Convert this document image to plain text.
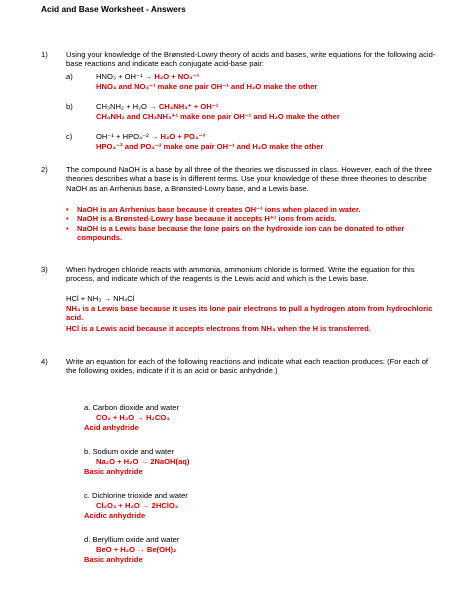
Acid and Base Worksheet - Answers
1) Using your knowledge of the Brønsted-Lowry theory of acids and bases, write equations for the following acid-base reactions and indicate each conjugate acid-base pair:
a)	HNO₃ + OH⁻¹ → H₂O + NO₃⁻¹
HNO₃ and NO₃⁻¹ make one pair OH⁻¹ and H₂O make the other
b)	CH₃NH₂ + H₂O → CH₃NH₃⁺ + OH⁻¹
CH₃NH₂ and CH₃NH₃⁺¹ make one pair OH⁻¹ and H₂O make the other
c)	OH⁻¹ + HPO₄⁻² → H₂O + PO₄⁻³
HPO₄⁻² and PO₄⁻³ make one pair OH⁻¹ and H₂O make the other
2) The compound NaOH is a base by all three of the theories we discussed in class. However, each of the three theories describes what a base is in different terms. Use your knowledge of these three theories to describe NaOH as an Arrhenius base, a Brønsted-Lowry base, and a Lewis base.
• NaOH is an Arrhenius base because it creates OH⁻¹ ions when placed in water.
• NaOH is a Brønsted-Lowry base because it accepts H⁺¹ ions from acids.
• NaOH is a Lewis base because the lone pairs on the hydroxide ion can be donated to other compounds.
3) When hydrogen chloride reacts with ammonia, ammonium chloride is formed. Write the equation for this process, and indicate which of the reagents is the Lewis acid and which is the Lewis base.
HCl + NH₃ → NH₄Cl
NH₃ is a Lewis base because it uses its lone pair electrons to pull a hydrogen atom from hydrochloric acid.
HCl is a Lewis acid because it accepts electrons from NH₃ when the H is transferred.
4) Write an equation for each of the following reactions and indicate what each reaction produces: (For each of the following oxides, indicate if it is an acid or basic anhydride.)
a. Carbon dioxide and water
CO₂ + H₂O → H₂CO₃
Acid anhydride
b. Sodium oxide and water
Na₂O + H₂O → 2NaOH(aq)
Basic anhydride
c. Dichlorine trioxide and water
Cl₂O₃ + H₂O → 2HClO₂
Acidic anhydride
d. Beryllium oxide and water
BeO + H₂O → Be(OH)₂
Basic anhydride
